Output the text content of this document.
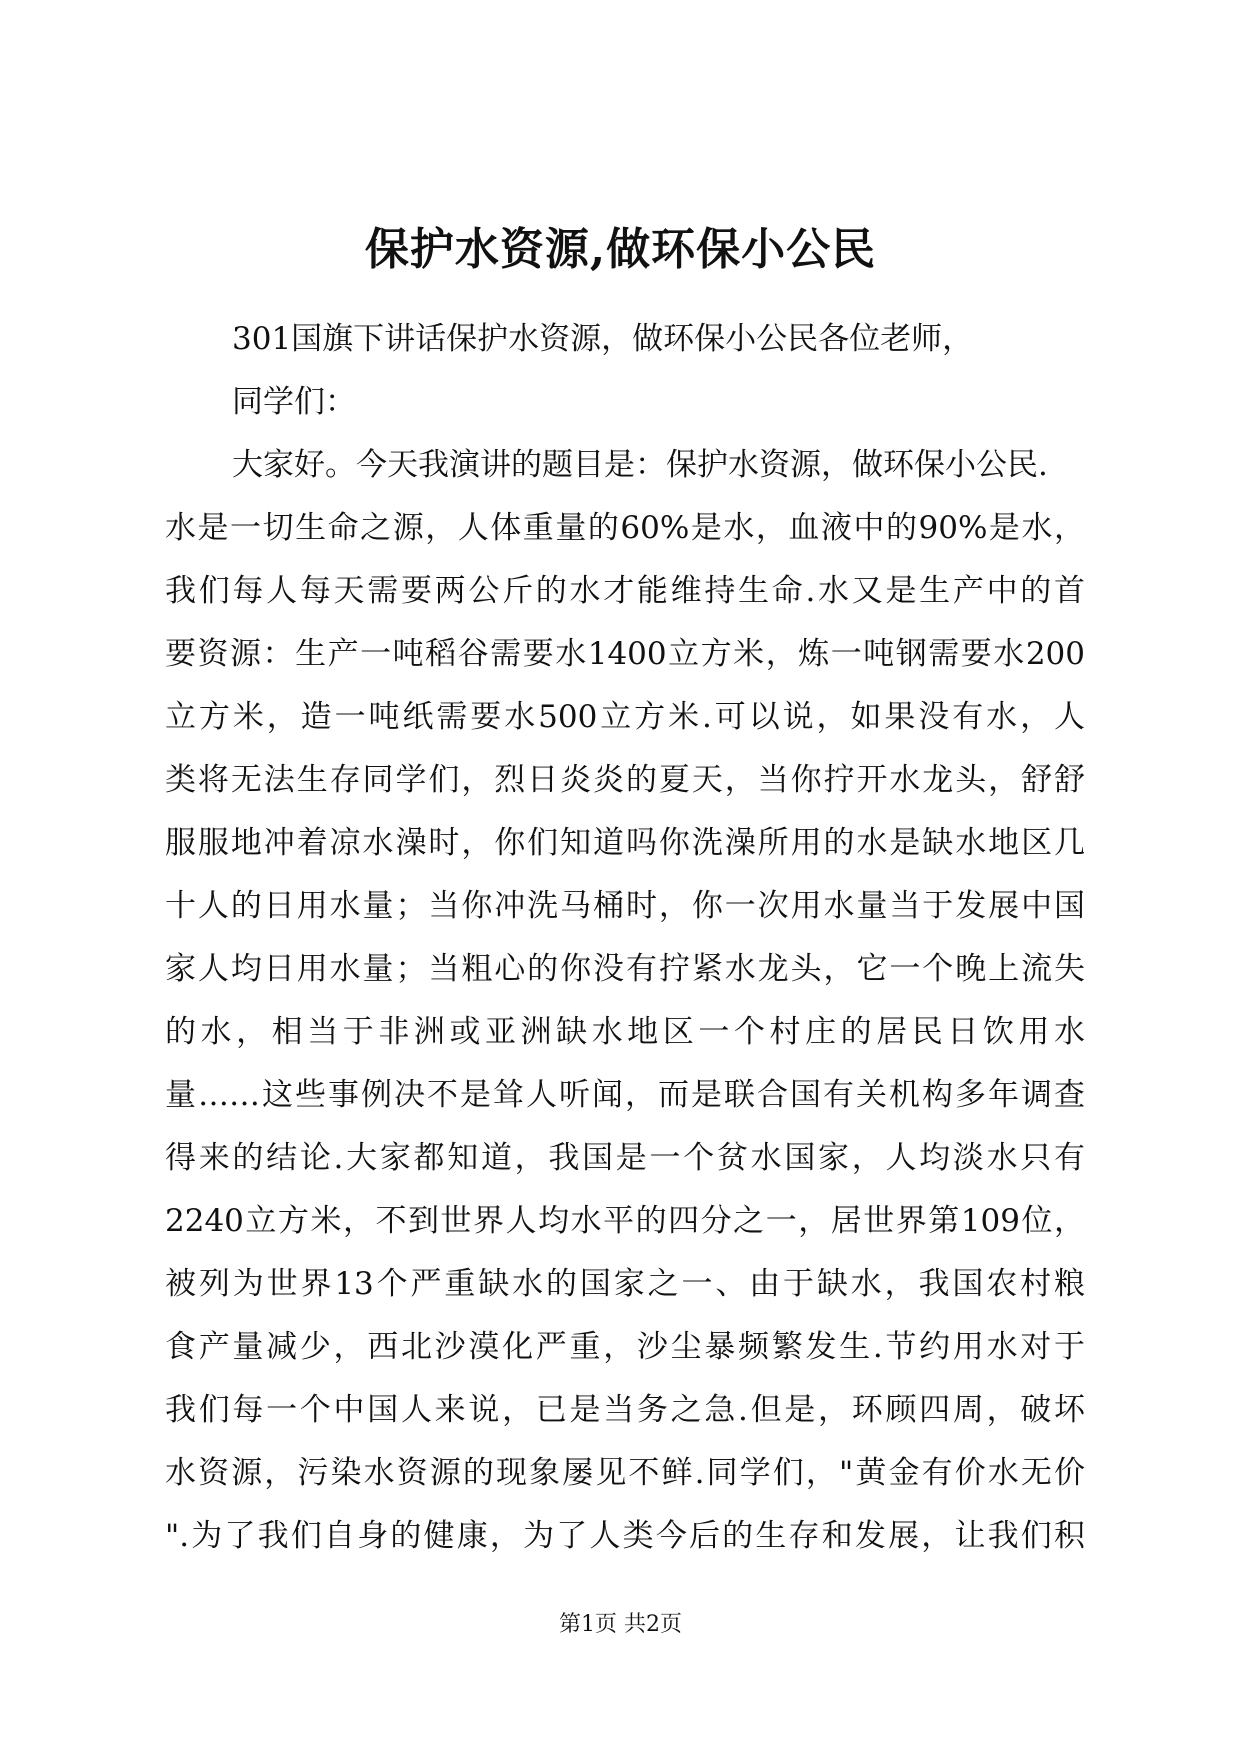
保护水资源,做环保小公民
301国旗下讲话保护水资源，做环保小公民各位老师，
同学们：
大家好。今天我演讲的题目是：保护水资源，做环保小公民.
水是一切生命之源，人体重量的60%是水，血液中的90%是水，
我们每人每天需要两公斤的水才能维持生命.水又是生产中的首
要资源：生产一吨稻谷需要水1400立方米，炼一吨钢需要水200
立方米，造一吨纸需要水500立方米.可以说，如果没有水，人
类将无法生存同学们，烈日炎炎的夏天，当你拧开水龙头，舒舒
服服地冲着凉水澡时，你们知道吗你洗澡所用的水是缺水地区几
十人的日用水量；当你冲洗马桶时，你一次用水量当于发展中国
家人均日用水量；当粗心的你没有拧紧水龙头，它一个晚上流失
的水，相当于非洲或亚洲缺水地区一个村庄的居民日饮用水
量……这些事例决不是耸人听闻，而是联合国有关机构多年调查
得来的结论.大家都知道，我国是一个贫水国家，人均淡水只有
2240立方米，不到世界人均水平的四分之一，居世界第109位，
被列为世界13个严重缺水的国家之一、由于缺水，我国农村粮
食产量减少，西北沙漠化严重，沙尘暴频繁发生.节约用水对于
我们每一个中国人来说，已是当务之急.但是，环顾四周，破坏
水资源，污染水资源的现象屡见不鲜.同学们，"黄金有价水无价
".为了我们自身的健康，为了人类今后的生存和发展，让我们积
第1页 共2页
